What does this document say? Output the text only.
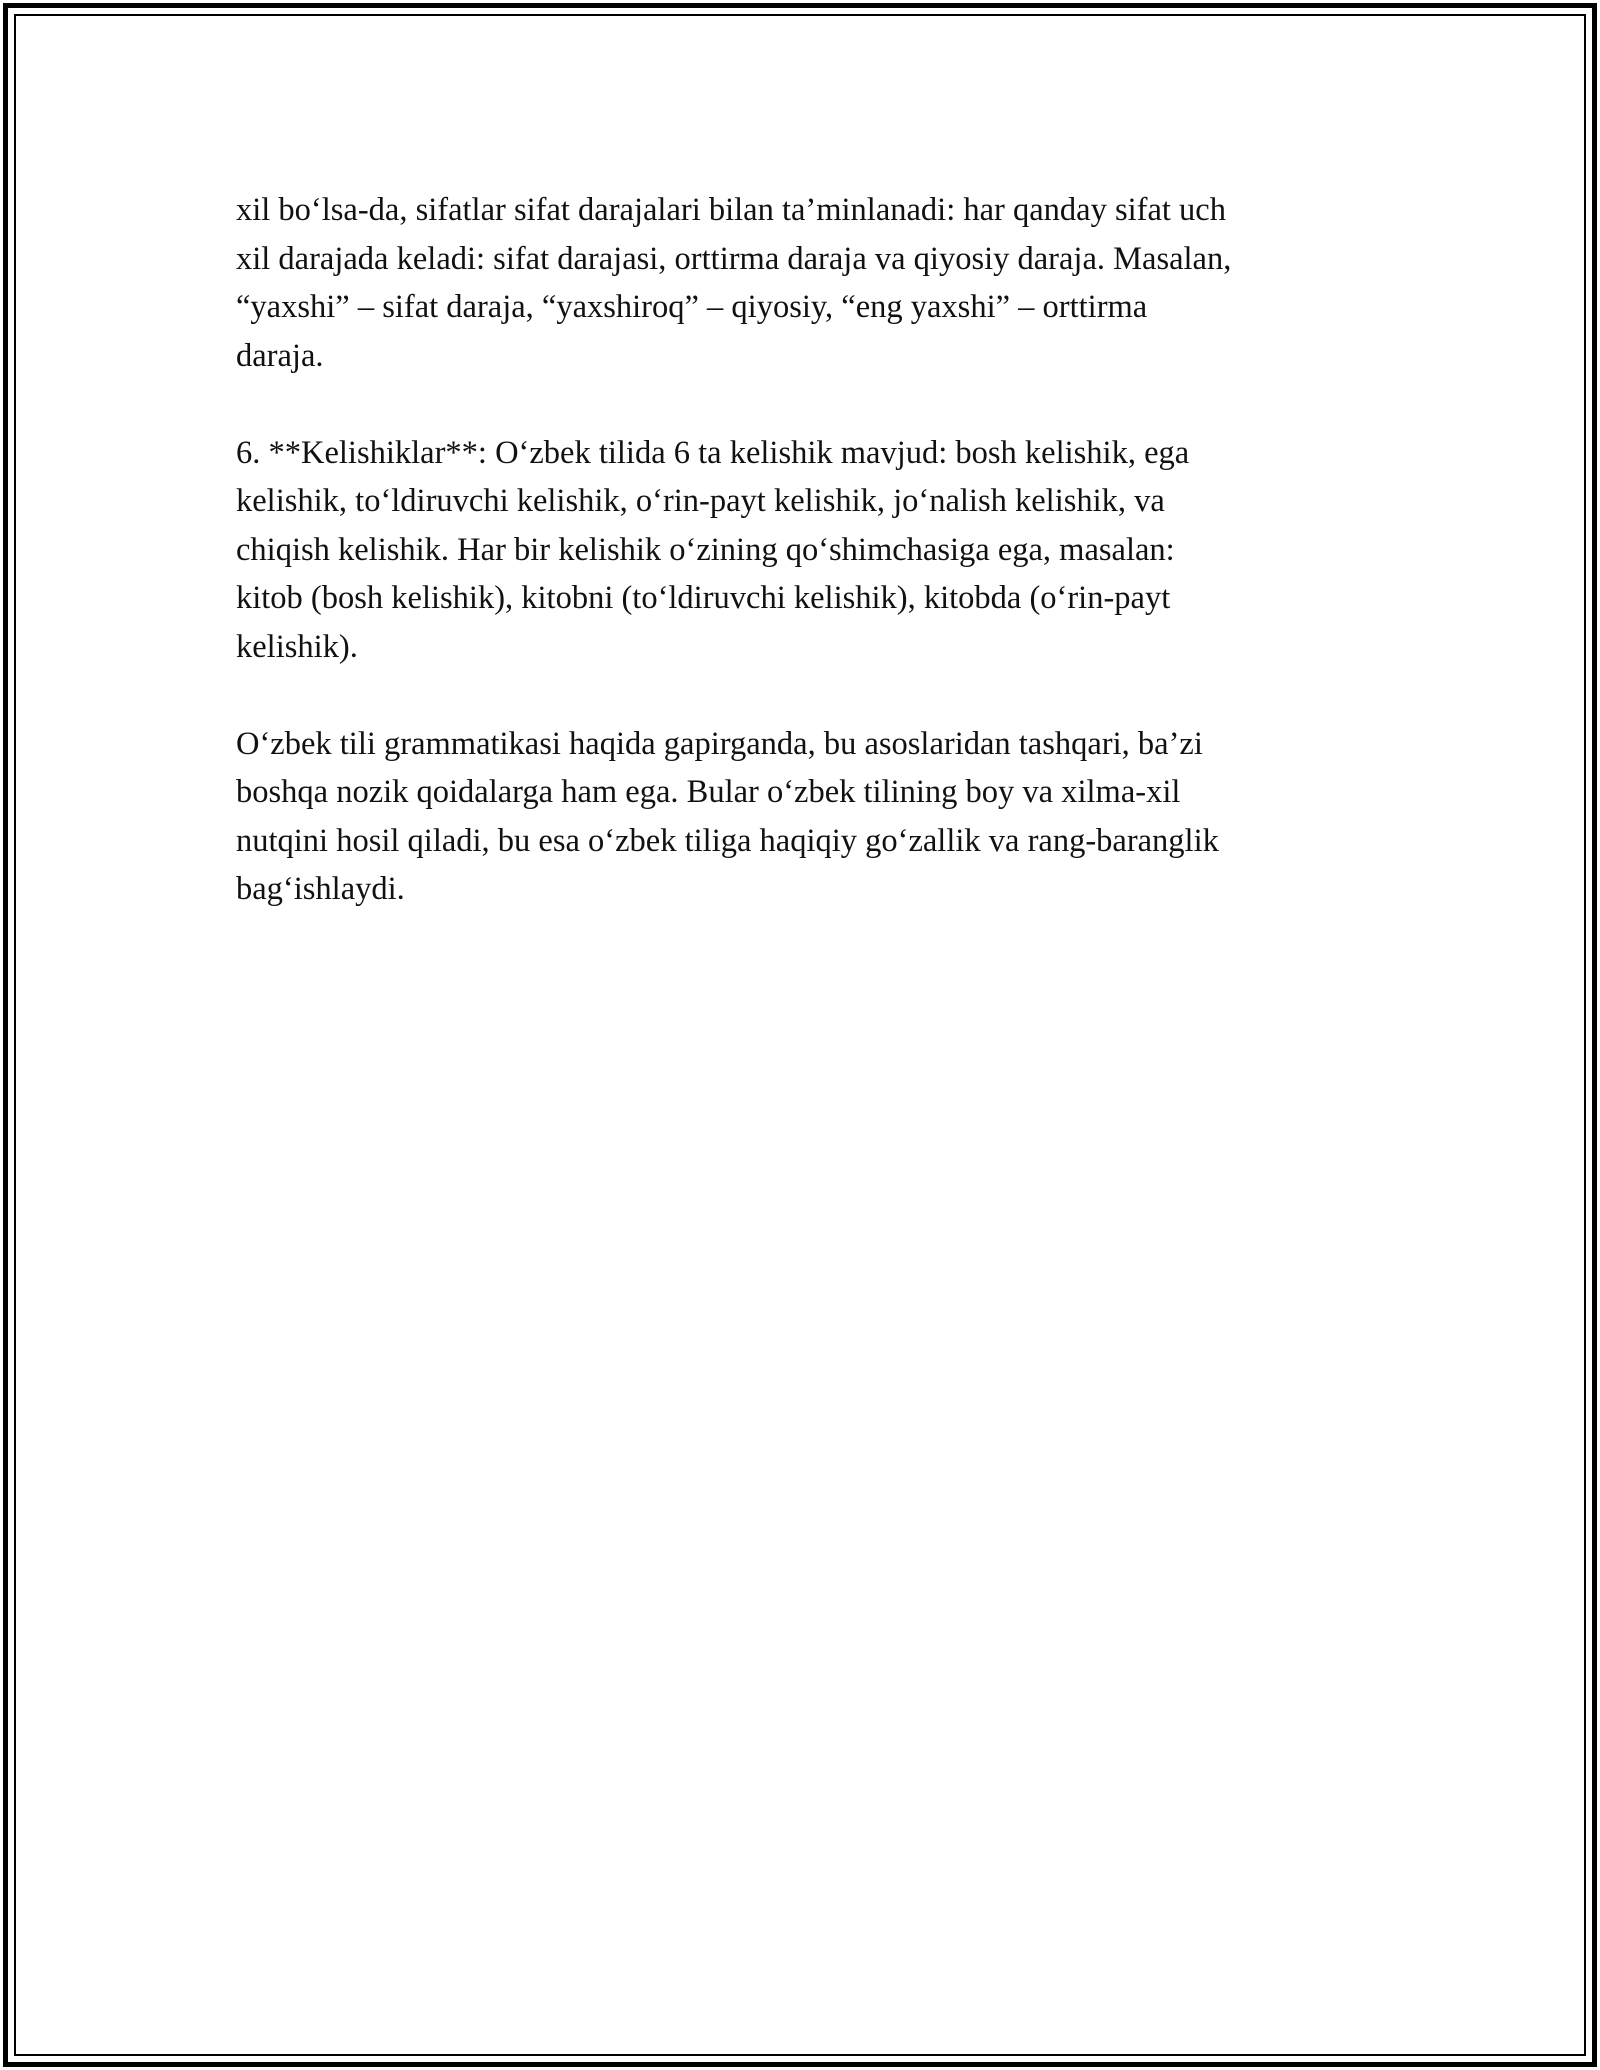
xil bo‘lsa-da, sifatlar sifat darajalari bilan ta’minlanadi: har qanday sifat uch
xil darajada keladi: sifat darajasi, orttirma daraja va qiyosiy daraja. Masalan,
“yaxshi” – sifat daraja, “yaxshiroq” – qiyosiy, “eng yaxshi” – orttirma
daraja.

6. **Kelishiklar**: O‘zbek tilida 6 ta kelishik mavjud: bosh kelishik, ega
kelishik, to‘ldiruvchi kelishik, o‘rin-payt kelishik, jo‘nalish kelishik, va
chiqish kelishik. Har bir kelishik o‘zining qo‘shimchasiga ega, masalan:
kitob (bosh kelishik), kitobni (to‘ldiruvchi kelishik), kitobda (o‘rin-payt
kelishik).

O‘zbek tili grammatikasi haqida gapirganda, bu asoslaridan tashqari, ba’zi
boshqa nozik qoidalarga ham ega. Bular o‘zbek tilining boy va xilma-xil
nutqini hosil qiladi, bu esa o‘zbek tiliga haqiqiy go‘zallik va rang-baranglik
bag‘ishlaydi.
